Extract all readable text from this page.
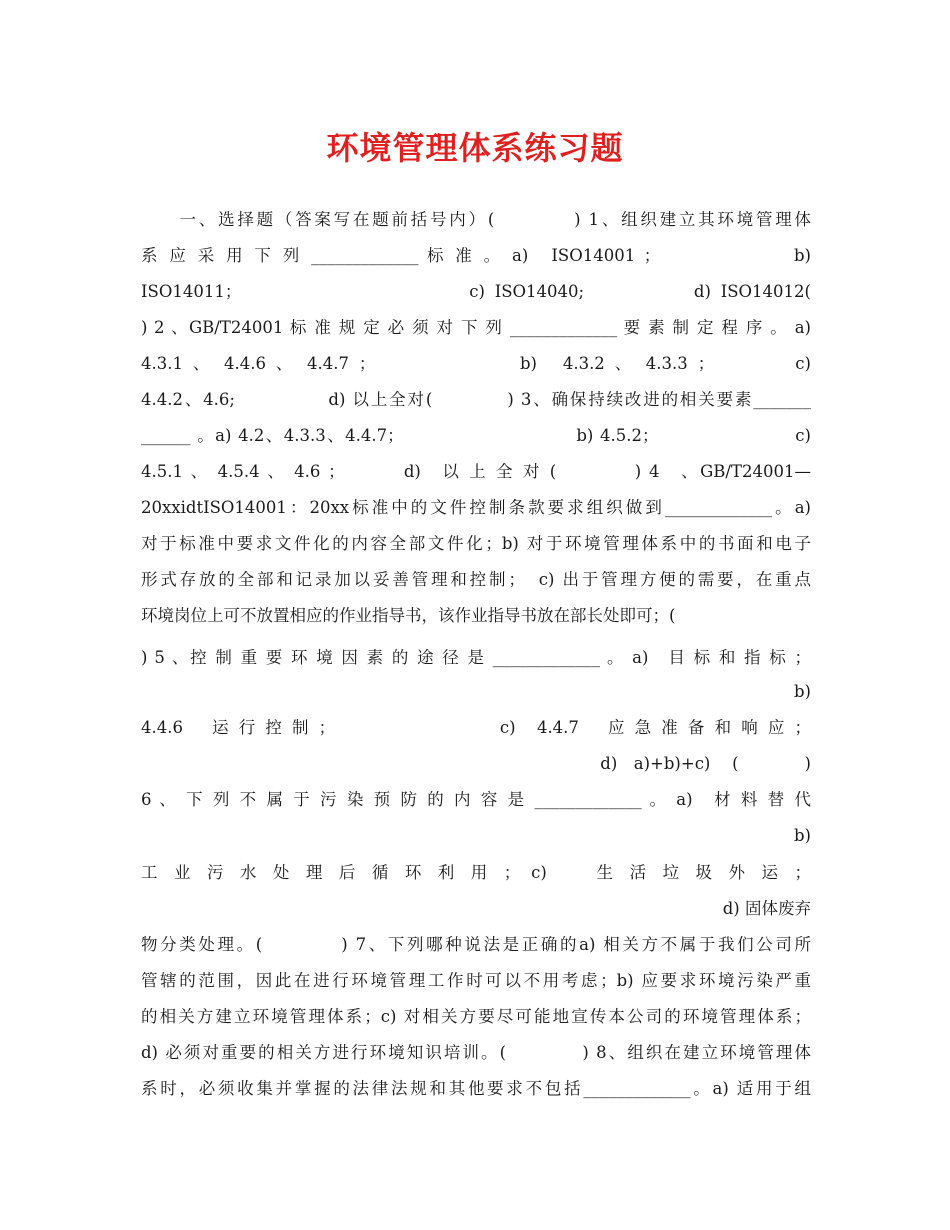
环境管理体系练习题
　　一、选择题（答案写在题前括号内）(　　　　) 1、组织建立其环境管理体
系 应 采 用 下 列 _____________ 标 准 。 a)　ISO14001 ；　　　　　　　b)
ISO14011；　　　　　　　　　　　c) ISO14040;　　　　　d) ISO14012(
) 2 、GB/T24001 标 准 规 定 必 须 对 下 列 _____________ 要 素 制 定 程 序 。 a)
4.3.1 、 4.4.6 、 4.4.7 ；　　　　　　　b)　4.3.2 、 4.3.3 ；　　　　c)
4.4.2、4.6;　　　　　d) 以上全对(　　　　) 3、确保持续改进的相关要素_______
______ 。a) 4.2、4.3.3、4.4.7；　　　　　　　　　　b) 4.5.2；　　　　　　　　c)
4.5.1 、 4.5.4 、 4.6 ；　　　 d)　以 上 全 对 (　　　　) 4　、GB/T24001—
20xxidtISO14001：20xx标准中的文件控制条款要求组织做到_____________。a)
对于标准中要求文件化的内容全部文件化；b) 对于环境管理体系中的书面和电子
形式存放的全部和记录加以妥善管理和控制；　c) 出于管理方便的需要，在重点
环境岗位上可不放置相应的作业指导书，该作业指导书放在部长处即可；(
) 5 、控 制 重 要 环 境 因 素 的 途 径 是 _____________ 。 a)　目 标 和 指 标 ；
b)
4.4.6　 运 行 控 制 ；　　　　　　　　　c)　4.4.7　 应 急 准 备 和 响 应 ；
d)　a)+b)+c)　 (　　　　)
6 、 下 列 不 属 于 污 染 预 防 的 内 容 是 _____________ 。 a)　材 料 替 代
b)
工 业 污 水 处 理 后 循 环 利 用 ； c)　　生 活 垃 圾 外 运 ；
d) 固体废弃
物分类处理。(　　　　) 7、下列哪种说法是正确的a) 相关方不属于我们公司所
管辖的范围，因此在进行环境管理工作时可以不用考虑；b) 应要求环境污染严重
的相关方建立环境管理体系；c) 对相关方要尽可能地宣传本公司的环境管理体系；
d) 必须对重要的相关方进行环境知识培训。(　　　　) 8、组织在建立环境管理体
系时，必须收集并掌握的法律法规和其他要求不包括_____________。a) 适用于组
